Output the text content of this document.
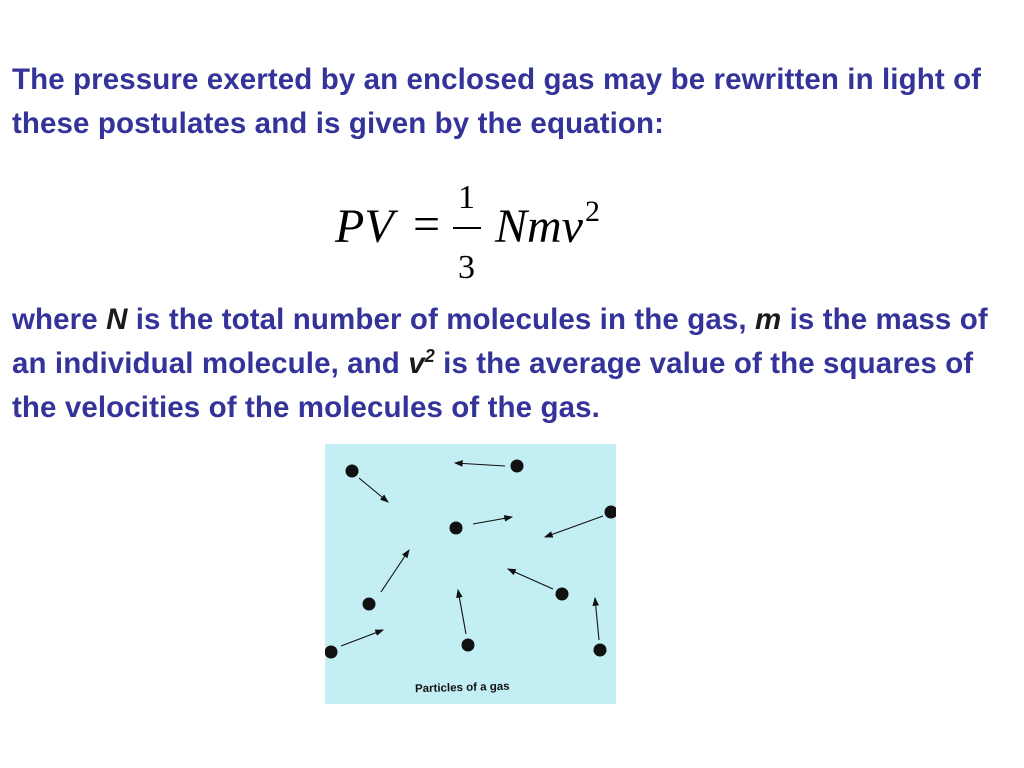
The pressure exerted by an enclosed gas may be rewritten in light of these postulates and is given by the equation:

PV =
1
3
Nmv 2

where N is the total number of molecules in the gas, m is the mass of an individual molecule, and $v^2$ is the average value of the squares of the velocities of the molecules of the gas.

Particles of a gas
